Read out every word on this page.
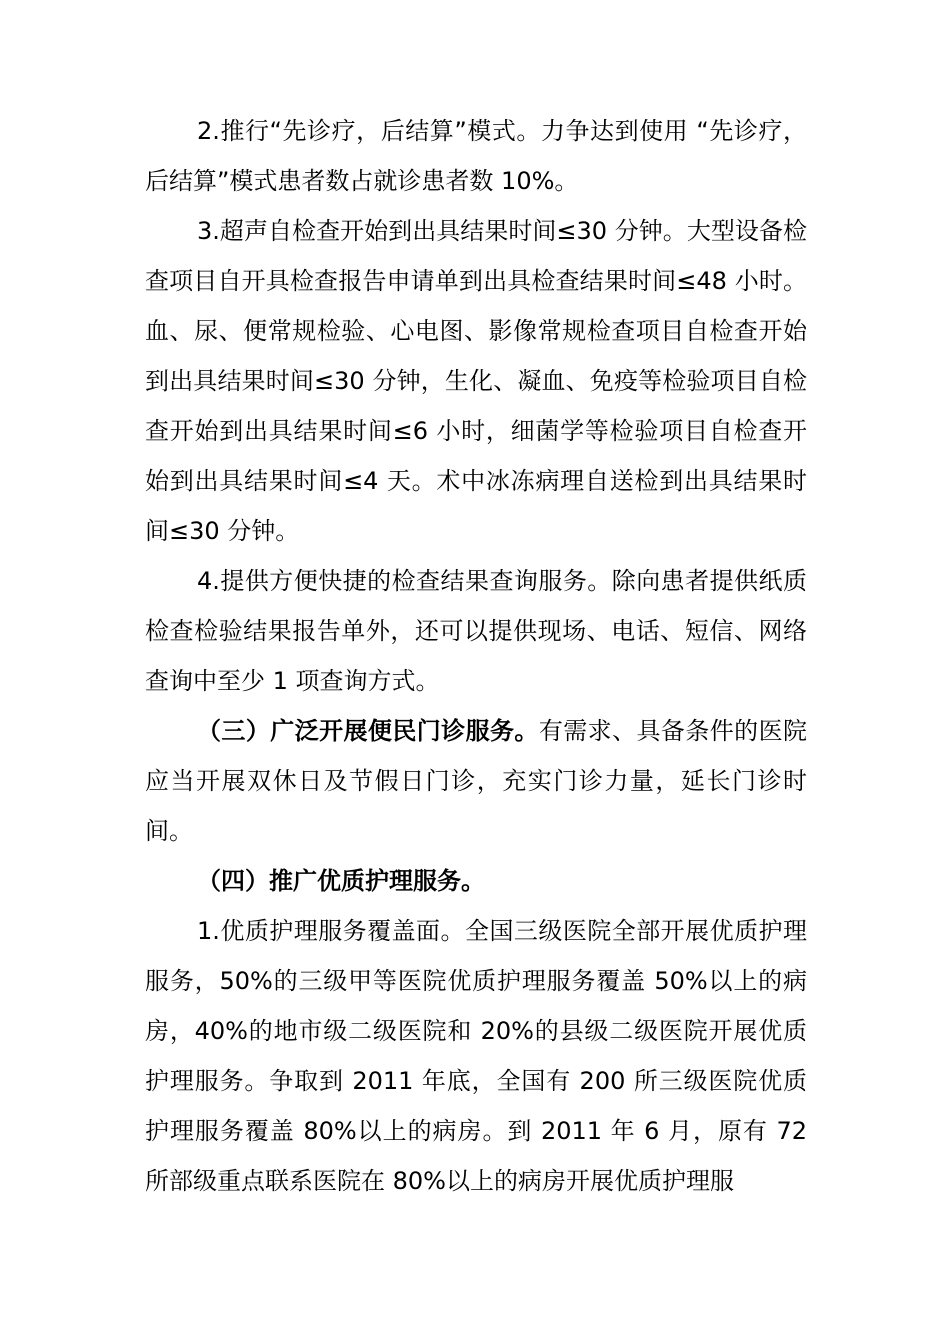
2.推行“先诊疗，后结算”模式。力争达到使用 “先诊疗，后结算”模式患者数占就诊患者数 10%。

3.超声自检查开始到出具结果时间≤30 分钟。大型设备检查项目自开具检查报告申请单到出具检查结果时间≤48 小时。血、尿、便常规检验、心电图、影像常规检查项目自检查开始到出具结果时间≤30 分钟，生化、凝血、免疫等检验项目自检查开始到出具结果时间≤6 小时，细菌学等检验项目自检查开始到出具结果时间≤4 天。术中冰冻病理自送检到出具结果时间≤30 分钟。

4.提供方便快捷的检查结果查询服务。除向患者提供纸质检查检验结果报告单外，还可以提供现场、电话、短信、网络查询中至少 1 项查询方式。

（三）广泛开展便民门诊服务。有需求、具备条件的医院应当开展双休日及节假日门诊，充实门诊力量，延长门诊时间。

（四）推广优质护理服务。

1.优质护理服务覆盖面。全国三级医院全部开展优质护理服务，50%的三级甲等医院优质护理服务覆盖 50%以上的病房，40%的地市级二级医院和 20%的县级二级医院开展优质护理服务。争取到 2011 年底，全国有 200 所三级医院优质护理服务覆盖 80%以上的病房。到 2011 年 6 月，原有 72 所部级重点联系医院在 80%以上的病房开展优质护理服
